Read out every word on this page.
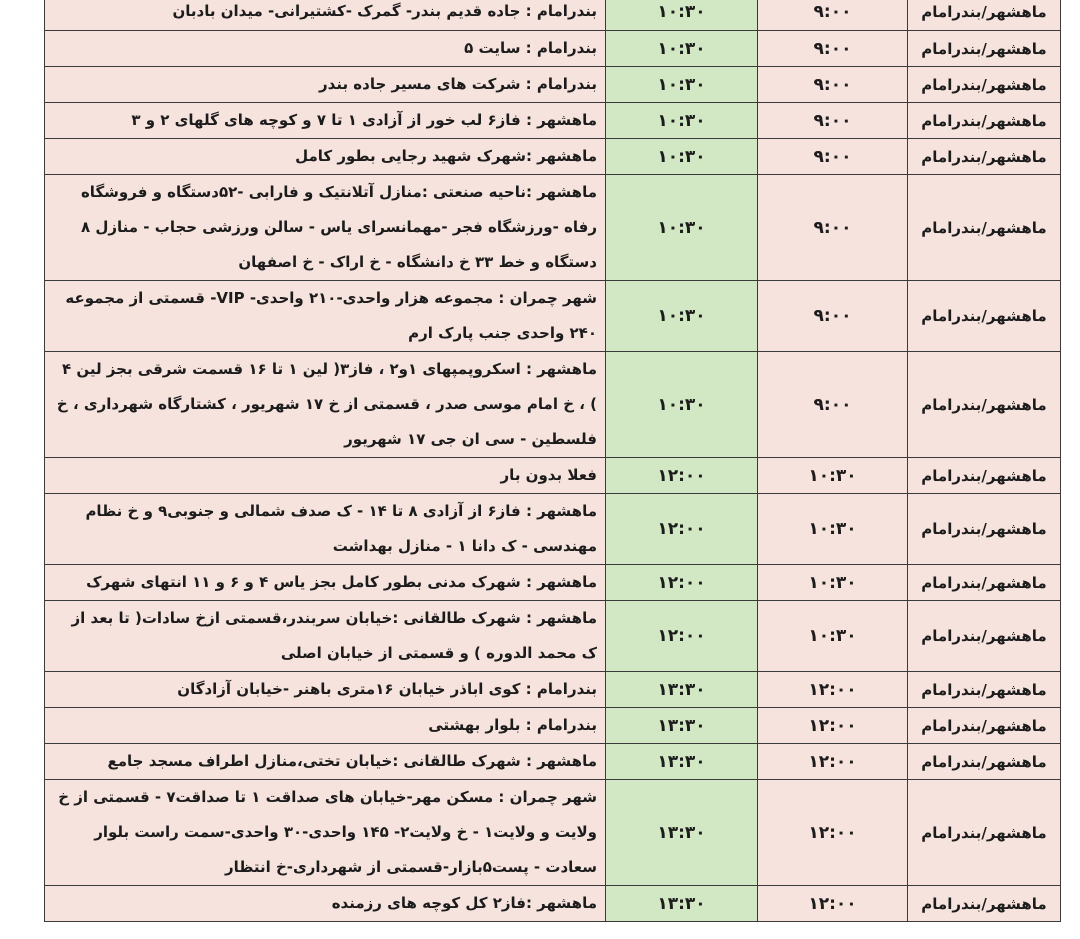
ماهشهر/بندرامام	۹:۰۰	۱۰:۳۰	بندرامام : جاده قدیم بندر- گمرک -کشتیرانی- میدان بادبان
ماهشهر/بندرامام	۹:۰۰	۱۰:۳۰	بندرامام : سایت ۵
ماهشهر/بندرامام	۹:۰۰	۱۰:۳۰	بندرامام : شرکت های مسیر جاده بندر
ماهشهر/بندرامام	۹:۰۰	۱۰:۳۰	ماهشهر : فاز۶ لب خور از آزادی ۱ تا ۷ و کوچه های گلهای ۲ و ۳
ماهشهر/بندرامام	۹:۰۰	۱۰:۳۰	ماهشهر :شهرک شهید رجایی بطور کامل
ماهشهر/بندرامام	۹:۰۰	۱۰:۳۰	ماهشهر :ناحیه صنعتی :منازل آتلانتیک و فارابی -۵۲دستگاه و فروشگاه رفاه -ورزشگاه فجر -مهمانسرای یاس - سالن ورزشی حجاب - منازل ۸ دستگاه و خط ۳۳ خ دانشگاه - خ اراک - خ اصفهان
ماهشهر/بندرامام	۹:۰۰	۱۰:۳۰	شهر چمران : مجموعه هزار واحدی-۲۱۰ واحدی- VIP- قسمتی از مجموعه ۲۴۰ واحدی جنب پارک ارم
ماهشهر/بندرامام	۹:۰۰	۱۰:۳۰	ماهشهر : اسکروپمپهای ۱و۲ ، فاز۳( لین ۱ تا ۱۶ قسمت شرقی بجز لین ۴ ) ، خ امام موسی صدر ، قسمتی از خ ۱۷ شهریور ، کشتارگاه شهرداری ، خ فلسطین - سی ان جی ۱۷ شهریور
ماهشهر/بندرامام	۱۰:۳۰	۱۲:۰۰	فعلا بدون بار
ماهشهر/بندرامام	۱۰:۳۰	۱۲:۰۰	ماهشهر : فاز۶ از آزادی ۸ تا ۱۴ - ک صدف شمالی و جنوبی۹ و خ نظام مهندسی - ک دانا ۱ - منازل بهداشت
ماهشهر/بندرامام	۱۰:۳۰	۱۲:۰۰	ماهشهر : شهرک مدنی بطور کامل بجز یاس ۴ و ۶ و ۱۱ انتهای شهرک
ماهشهر/بندرامام	۱۰:۳۰	۱۲:۰۰	ماهشهر : شهرک طالقانی :خیابان سربندر،قسمتی ازخ سادات( تا بعد از ک محمد الدوره ) و قسمتی از خیابان اصلی
ماهشهر/بندرامام	۱۲:۰۰	۱۳:۳۰	بندرامام : کوی اباذر خیابان ۱۶متری باهنر -خیابان آزادگان
ماهشهر/بندرامام	۱۲:۰۰	۱۳:۳۰	بندرامام : بلوار بهشتی
ماهشهر/بندرامام	۱۲:۰۰	۱۳:۳۰	ماهشهر : شهرک طالقانی :خیابان تختی،منازل اطراف مسجد جامع
ماهشهر/بندرامام	۱۲:۰۰	۱۳:۳۰	شهر چمران : مسکن مهر-خیابان های صداقت ۱ تا صداقت۷ - قسمتی از خ ولایت و ولایت۱ - خ ولایت۲- ۱۴۵ واحدی-۳۰ واحدی-سمت راست بلوار سعادت - پست۵بازار-قسمتی از شهرداری-خ انتظار
ماهشهر/بندرامام	۱۲:۰۰	۱۳:۳۰	ماهشهر :فاز۲ کل کوچه های رزمنده
